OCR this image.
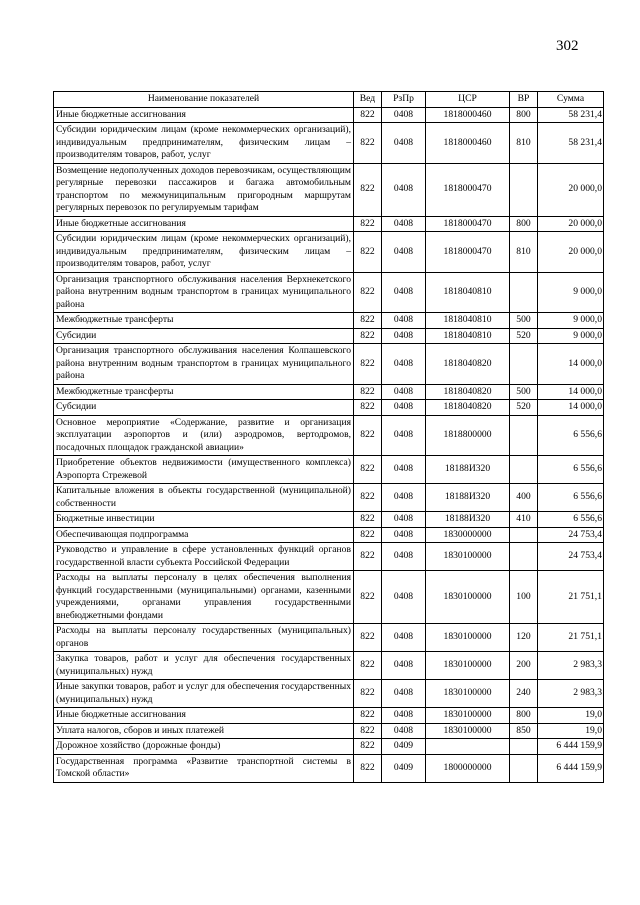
302
Наименование показателей	Вед	РзПр	ЦСР	ВР	Сумма
Иные бюджетные ассигнования	822	0408	1818000460	800	58 231,4
Субсидии юридическим лицам (кроме некоммерческих организаций), индивидуальным предпринимателям, физическим лицам – производителям товаров, работ, услуг	822	0408	1818000460	810	58 231,4
Возмещение недополученных доходов перевозчикам, осуществляющим регулярные перевозки пассажиров и багажа автомобильным транспортом по межмуниципальным пригородным маршрутам регулярных перевозок по регулируемым тарифам	822	0408	1818000470		20 000,0
Иные бюджетные ассигнования	822	0408	1818000470	800	20 000,0
Субсидии юридическим лицам (кроме некоммерческих организаций), индивидуальным предпринимателям, физическим лицам – производителям товаров, работ, услуг	822	0408	1818000470	810	20 000,0
Организация транспортного обслуживания населения Верхнекетского района внутренним водным транспортом в границах муниципального района	822	0408	1818040810		9 000,0
Межбюджетные трансферты	822	0408	1818040810	500	9 000,0
Субсидии	822	0408	1818040810	520	9 000,0
Организация транспортного обслуживания населения Колпашевского района внутренним водным транспортом в границах муниципального района	822	0408	1818040820		14 000,0
Межбюджетные трансферты	822	0408	1818040820	500	14 000,0
Субсидии	822	0408	1818040820	520	14 000,0
Основное мероприятие «Содержание, развитие и организация эксплуатации аэропортов и (или) аэродромов, вертодромов, посадочных площадок гражданской авиации»	822	0408	1818800000		6 556,6
Приобретение объектов недвижимости (имущественного комплекса) Аэропорта Стрежевой	822	0408	18188И320		6 556,6
Капитальные вложения в объекты государственной (муниципальной) собственности	822	0408	18188И320	400	6 556,6
Бюджетные инвестиции	822	0408	18188И320	410	6 556,6
Обеспечивающая подпрограмма	822	0408	1830000000		24 753,4
Руководство и управление в сфере установленных функций органов государственной власти субъекта Российской Федерации	822	0408	1830100000		24 753,4
Расходы на выплаты персоналу в целях обеспечения выполнения функций государственными (муниципальными) органами, казенными учреждениями, органами управления государственными внебюджетными фондами	822	0408	1830100000	100	21 751,1
Расходы на выплаты персоналу государственных (муниципальных) органов	822	0408	1830100000	120	21 751,1
Закупка товаров, работ и услуг для обеспечения государственных (муниципальных) нужд	822	0408	1830100000	200	2 983,3
Иные закупки товаров, работ и услуг для обеспечения государственных (муниципальных) нужд	822	0408	1830100000	240	2 983,3
Иные бюджетные ассигнования	822	0408	1830100000	800	19,0
Уплата налогов, сборов и иных платежей	822	0408	1830100000	850	19,0
Дорожное хозяйство (дорожные фонды)	822	0409			6 444 159,9
Государственная программа «Развитие транспортной системы в Томской области»	822	0409	1800000000		6 444 159,9
